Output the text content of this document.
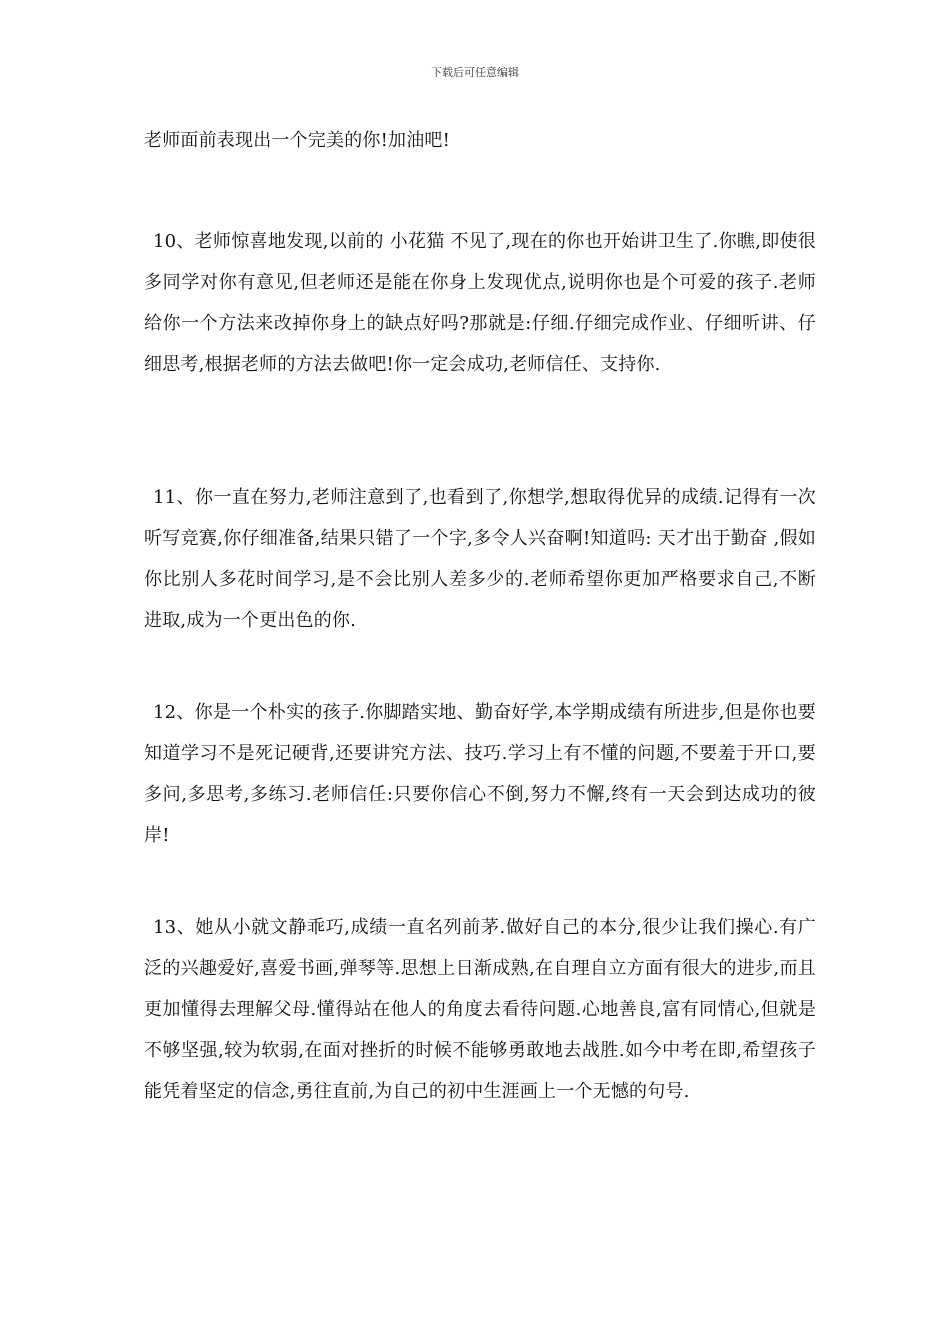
下载后可任意编辑

老师面前表现出一个完美的你!加油吧!

10、老师惊喜地发现,以前的 小花猫 不见了,现在的你也开始讲卫生了.你瞧,即使很多同学对你有意见,但老师还是能在你身上发现优点,说明你也是个可爱的孩子.老师给你一个方法来改掉你身上的缺点好吗?那就是:仔细.仔细完成作业、仔细听讲、仔细思考,根据老师的方法去做吧!你一定会成功,老师信任、支持你.

11、你一直在努力,老师注意到了,也看到了,你想学,想取得优异的成绩.记得有一次听写竞赛,你仔细准备,结果只错了一个字,多令人兴奋啊!知道吗: 天才出于勤奋 ,假如你比别人多花时间学习,是不会比别人差多少的.老师希望你更加严格要求自己,不断进取,成为一个更出色的你.

12、你是一个朴实的孩子.你脚踏实地、勤奋好学,本学期成绩有所进步,但是你也要知道学习不是死记硬背,还要讲究方法、技巧.学习上有不懂的问题,不要羞于开口,要多问,多思考,多练习.老师信任:只要你信心不倒,努力不懈,终有一天会到达成功的彼岸!

13、她从小就文静乖巧,成绩一直名列前茅.做好自己的本分,很少让我们操心.有广泛的兴趣爱好,喜爱书画,弹琴等.思想上日渐成熟,在自理自立方面有很大的进步,而且更加懂得去理解父母.懂得站在他人的角度去看待问题.心地善良,富有同情心,但就是不够坚强,较为软弱,在面对挫折的时候不能够勇敢地去战胜.如今中考在即,希望孩子能凭着坚定的信念,勇往直前,为自己的初中生涯画上一个无憾的句号.
